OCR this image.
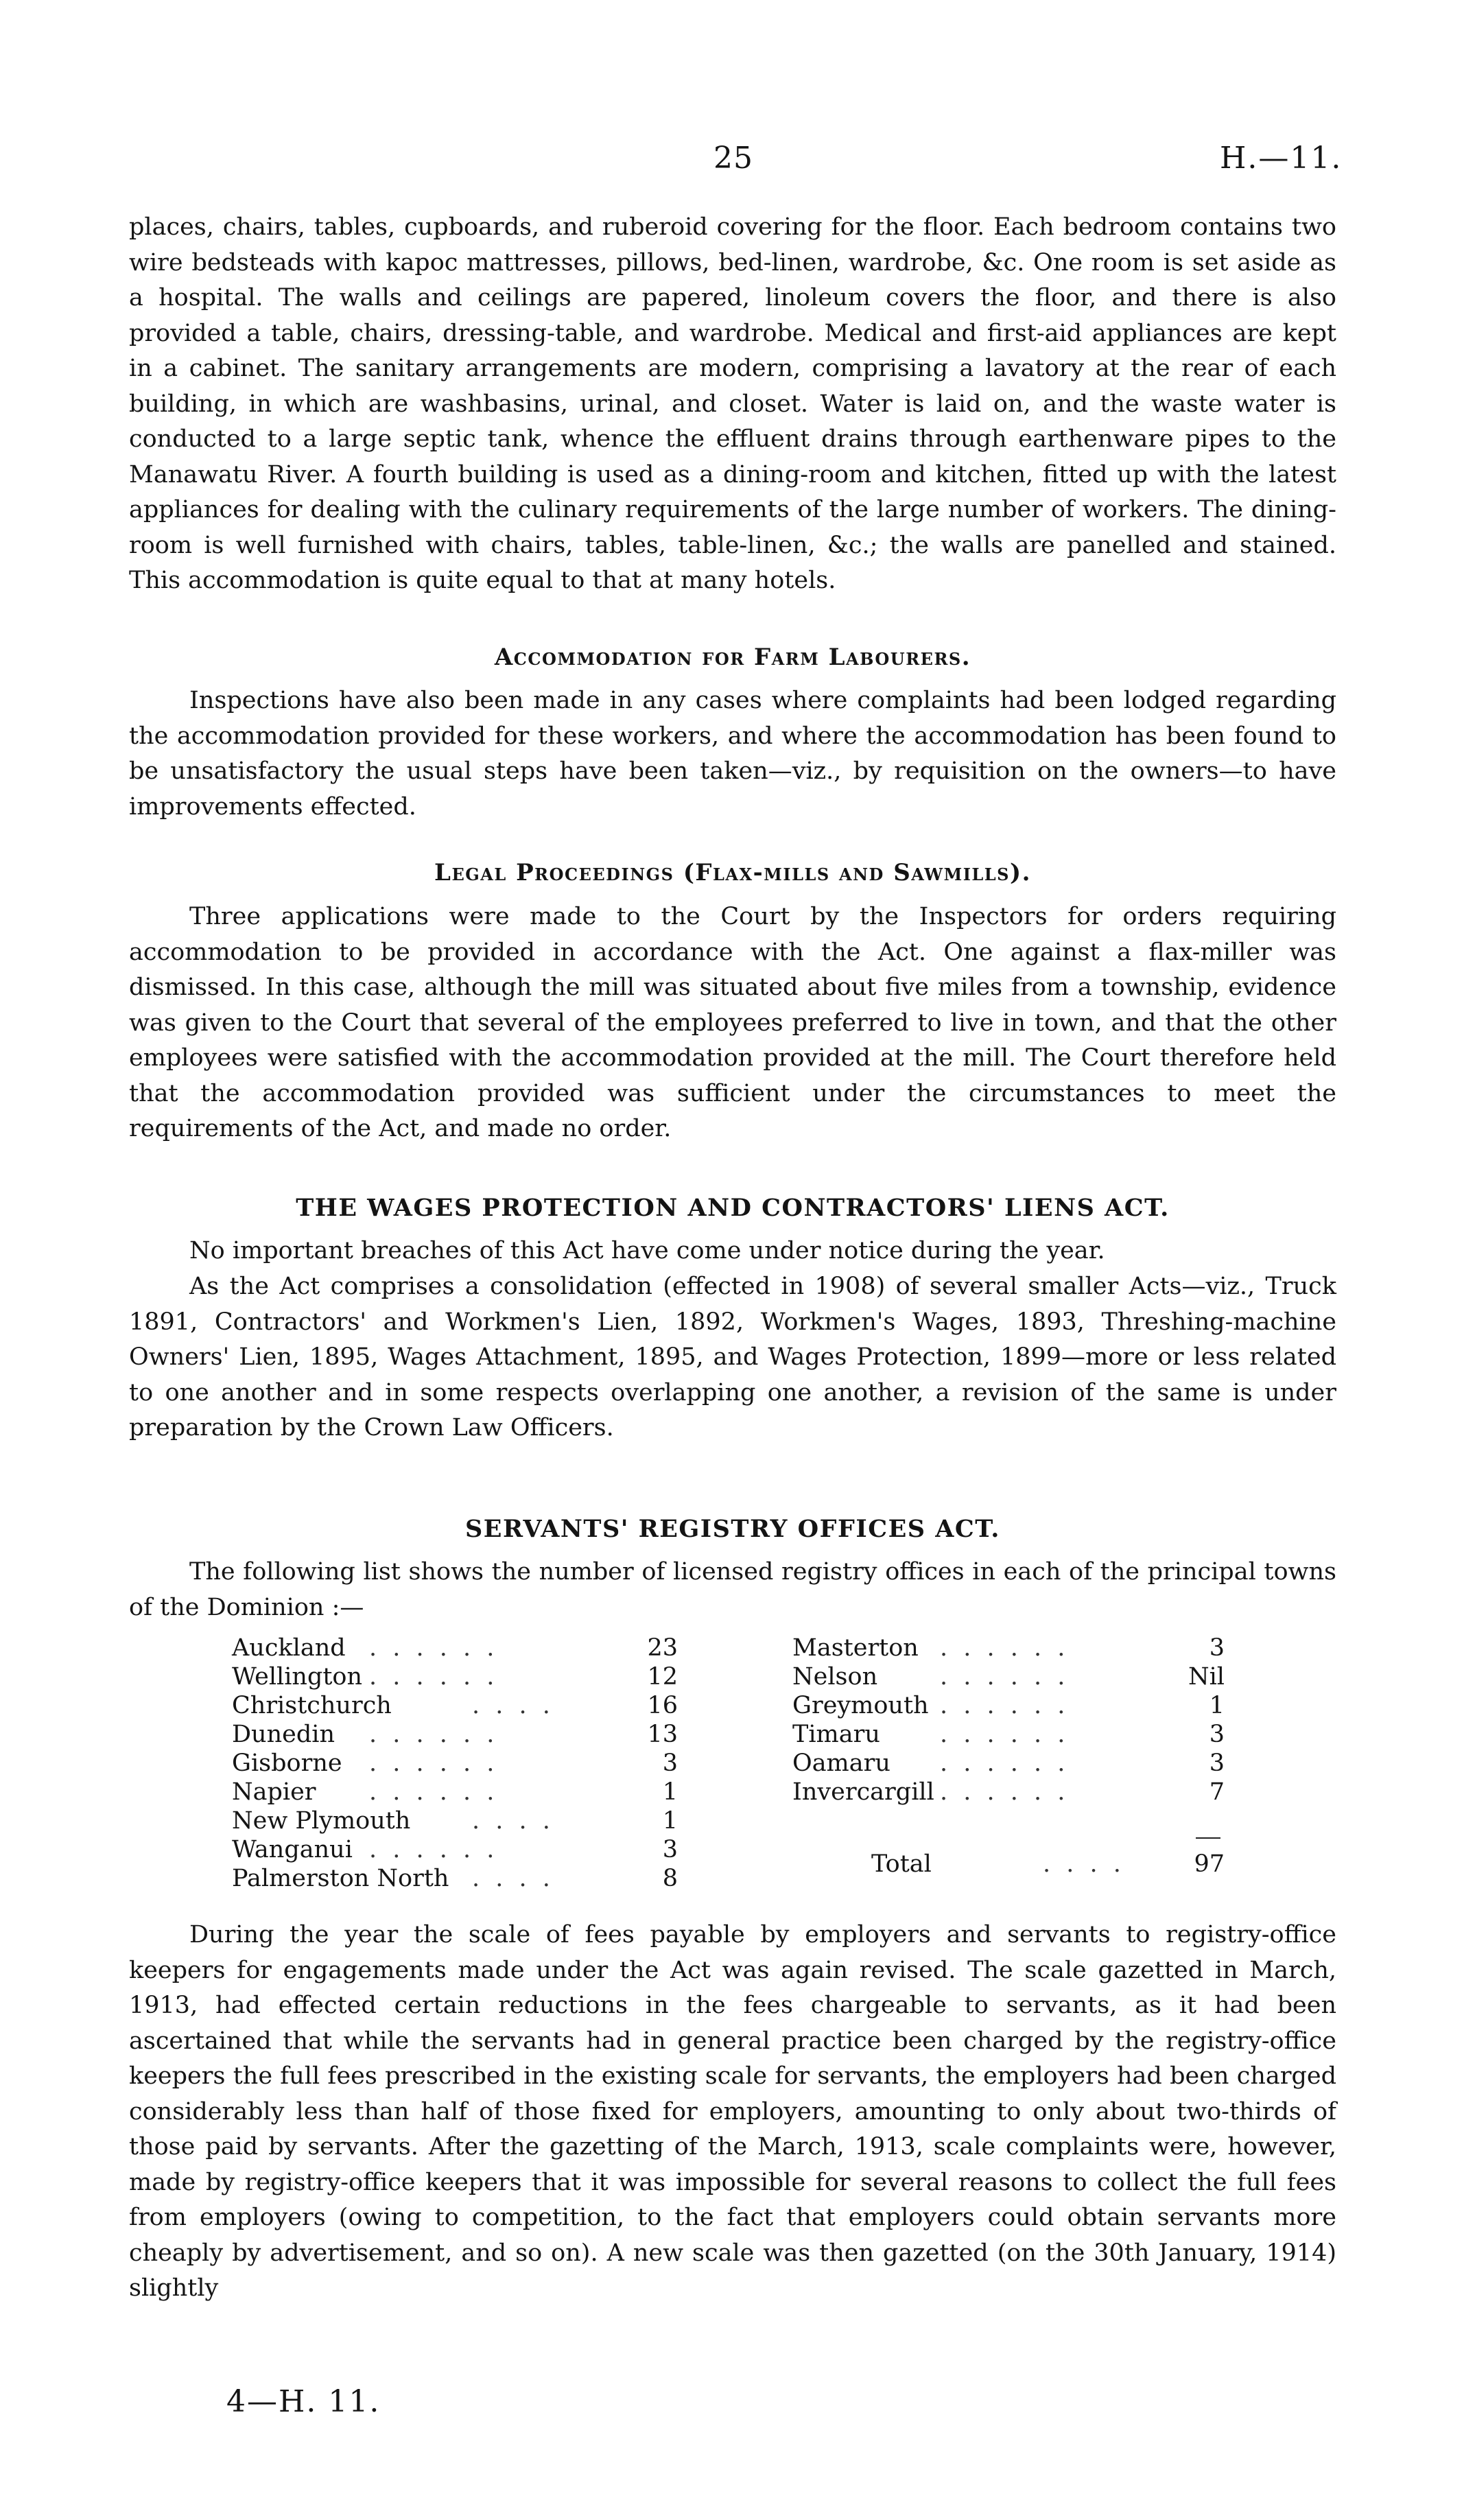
25	H.—11.

places, chairs, tables, cupboards, and ruberoid covering for the floor. Each bedroom contains two wire bedsteads with kapoc mattresses, pillows, bed-linen, wardrobe, &c. One room is set aside as a hospital. The walls and ceilings are papered, linoleum covers the floor, and there is also provided a table, chairs, dressing-table, and wardrobe. Medical and first-aid appliances are kept in a cabinet. The sanitary arrangements are modern, comprising a lavatory at the rear of each building, in which are washbasins, urinal, and closet. Water is laid on, and the waste water is conducted to a large septic tank, whence the effluent drains through earthenware pipes to the Manawatu River. A fourth building is used as a dining-room and kitchen, fitted up with the latest appliances for dealing with the culinary requirements of the large number of workers. The dining-room is well furnished with chairs, tables, table-linen, &c.; the walls are panelled and stained. This accommodation is quite equal to that at many hotels.

Accommodation for Farm Labourers.

Inspections have also been made in any cases where complaints had been lodged regarding the accommodation provided for these workers, and where the accommodation has been found to be unsatisfactory the usual steps have been taken—viz., by requisition on the owners—to have improvements effected.

Legal Proceedings (Flax-mills and Sawmills).

Three applications were made to the Court by the Inspectors for orders requiring accommodation to be provided in accordance with the Act. One against a flax-miller was dismissed. In this case, although the mill was situated about five miles from a township, evidence was given to the Court that several of the employees preferred to live in town, and that the other employees were satisfied with the accommodation provided at the mill. The Court therefore held that the accommodation provided was sufficient under the circumstances to meet the requirements of the Act, and made no order.

THE WAGES PROTECTION AND CONTRACTORS' LIENS ACT.

No important breaches of this Act have come under notice during the year.

As the Act comprises a consolidation (effected in 1908) of several smaller Acts—viz., Truck 1891, Contractors' and Workmen's Lien, 1892, Workmen's Wages, 1893, Threshing-machine Owners' Lien, 1895, Wages Attachment, 1895, and Wages Protection, 1899—more or less related to one another and in some respects overlapping one another, a revision of the same is under preparation by the Crown Law Officers.

SERVANTS' REGISTRY OFFICES ACT.

The following list shows the number of licensed registry offices in each of the principal towns of the Dominion :—

Auckland . . . . . .	23
Wellington . . . . . .	12
Christchurch	. . . .	16
Dunedin . . . . . .	13
Gisborne . . . . . .	3
Napier . . . . . .	1
New Plymouth	. . . .	1
Wanganui . . . . . .	3
Palmerston North . . . .	8
Masterton . . . . . .	3
Nelson	. . . . . .	Nil
Greymouth . . . . . .	1
Timaru . . . . . .	3
Oamaru . . . . . .	3
Invercargill . . . . . .	7
Total	. . . .	97

During the year the scale of fees payable by employers and servants to registry-office keepers for engagements made under the Act was again revised. The scale gazetted in March, 1913, had effected certain reductions in the fees chargeable to servants, as it had been ascertained that while the servants had in general practice been charged by the registry-office keepers the full fees prescribed in the existing scale for servants, the employers had been charged considerably less than half of those fixed for employers, amounting to only about two-thirds of those paid by servants. After the gazetting of the March, 1913, scale complaints were, however, made by registry-office keepers that it was impossible for several reasons to collect the full fees from employers (owing to competition, to the fact that employers could obtain servants more cheaply by advertisement, and so on). A new scale was then gazetted (on the 30th January, 1914) slightly

4—H. 11.
